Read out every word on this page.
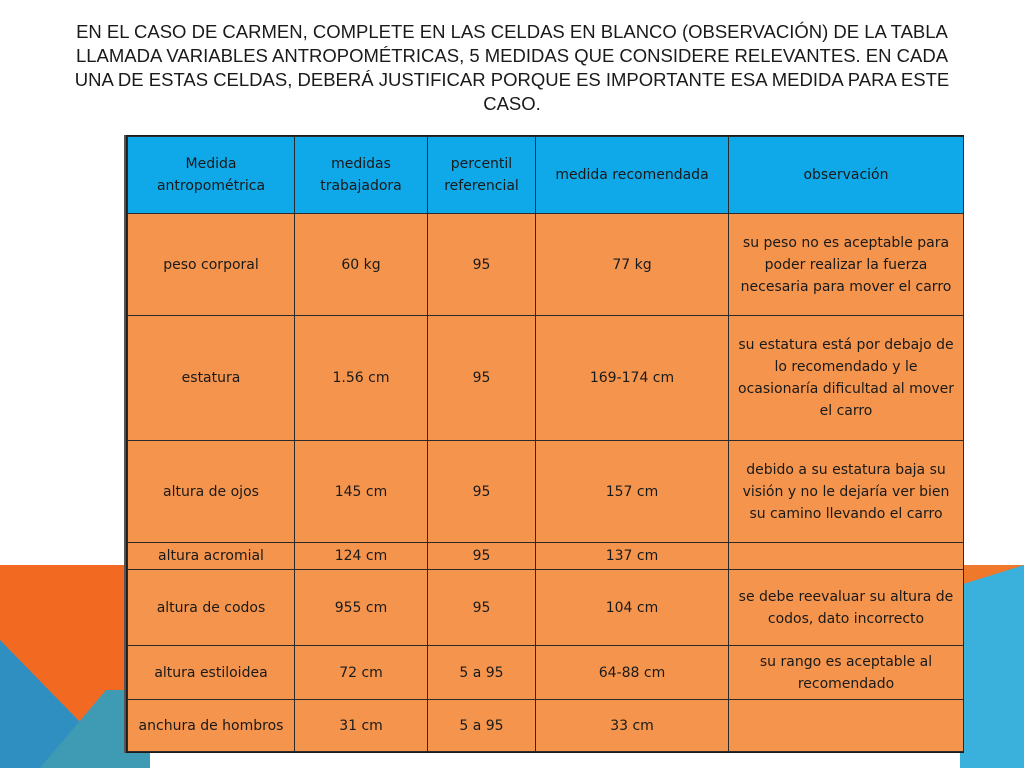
EN EL CASO DE CARMEN, COMPLETE EN LAS CELDAS EN BLANCO (OBSERVACIÓN) DE LA TABLA LLAMADA VARIABLES ANTROPOMÉTRICAS, 5 MEDIDAS QUE CONSIDERE RELEVANTES. EN CADA UNA DE ESTAS CELDAS, DEBERÁ JUSTIFICAR PORQUE ES IMPORTANTE ESA MEDIDA PARA ESTE CASO.
Medida antropométrica	medidas trabajadora	percentil referencial	medida recomendada	observación
peso corporal	60 kg	95	77 kg	su peso no es aceptable para poder realizar la fuerza necesaria para mover el carro
estatura	1.56 cm	95	169-174 cm	su estatura está por debajo de lo recomendado y le ocasionaría dificultad al mover el carro
altura de ojos	145 cm	95	157 cm	debido a su estatura baja su visión y no le dejaría ver bien su camino llevando el carro
altura acromial	124 cm	95	137 cm	
altura de codos	955 cm	95	104 cm	se debe reevaluar su altura de codos, dato incorrecto
altura estiloidea	72 cm	5 a 95	64-88 cm	su rango es aceptable al recomendado
anchura de hombros	31 cm	5 a 95	33 cm	
